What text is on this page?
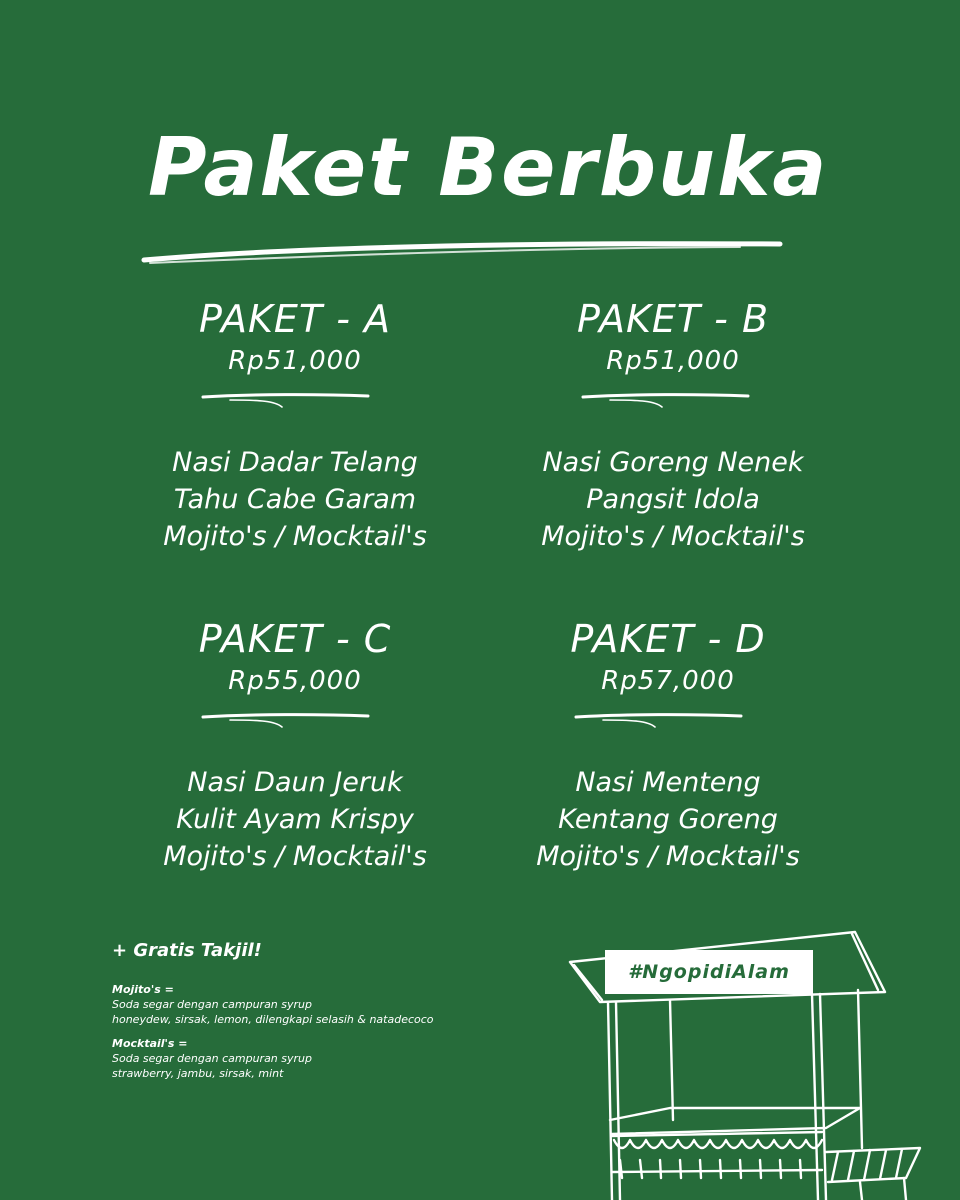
Paket Berbuka
PAKET - A
Rp51,000
Nasi Dadar Telang
Tahu Cabe Garam
Mojito's / Mocktail's
PAKET - B
Rp51,000
Nasi Goreng Nenek
Pangsit Idola
Mojito's / Mocktail's
PAKET - C
Rp55,000
Nasi Daun Jeruk
Kulit Ayam Krispy
Mojito's / Mocktail's
PAKET - D
Rp57,000
Nasi Menteng
Kentang Goreng
Mojito's / Mocktail's
+ Gratis Takjil!
Mojito's =
Soda segar dengan campuran syrup
honeydew, sirsak, lemon, dilengkapi selasih & natadecoco
Mocktail's =
Soda segar dengan campuran syrup
strawberry, jambu, sirsak, mint
#NgopidiAlam
